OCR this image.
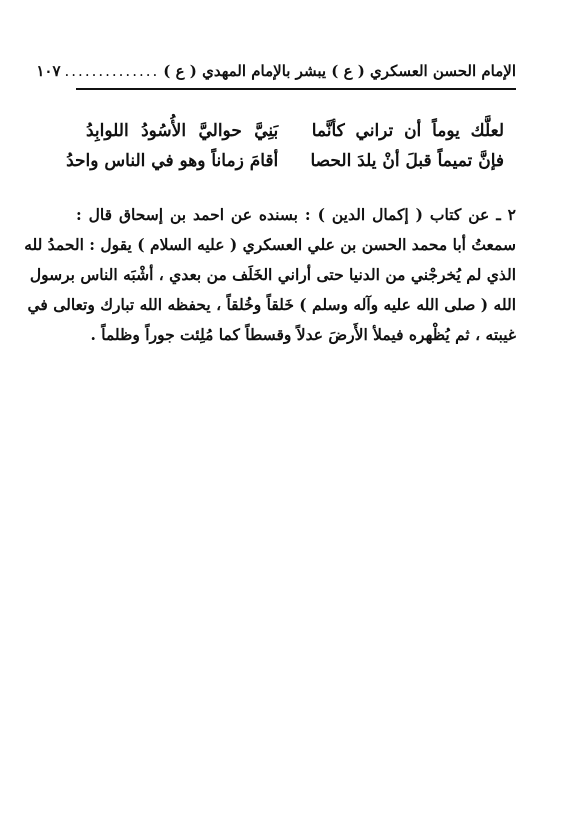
الإمام الحسن العسكري ( ع ) يبشر بالإمام المهدي ( ع )
..............
١٠٧
لعلَّك يوماً أن تراني كأنَّما
بَنِيَّ حواليَّ الأُسُودُ اللوابِدُ
فإنَّ تميماً قبلَ أنْ يلدَ الحصا
أقامَ زماناً وهو في الناس واحدُ
٢ ـ عن كتاب ( إكمال الدين ) : بسنده عن احمد بن إسحاق قال :
سمعتُ أبا محمد الحسن بن علي العسكري ( عليه السلام ) يقول : الحمدُ لله
الذي لم يُخرجْني من الدنيا حتى أراني الخَلَف من بعدي ، أشْبَه الناس برسول
الله ( صلى الله عليه وآله وسلم ) خَلقاً وخُلقاً ، يحفظه الله تبارك وتعالى في
غيبته ، ثم يُظْهره فيملأ الأَرضَ عدلاً وقسطاً كما مُلِئت جوراً وظلماً .
